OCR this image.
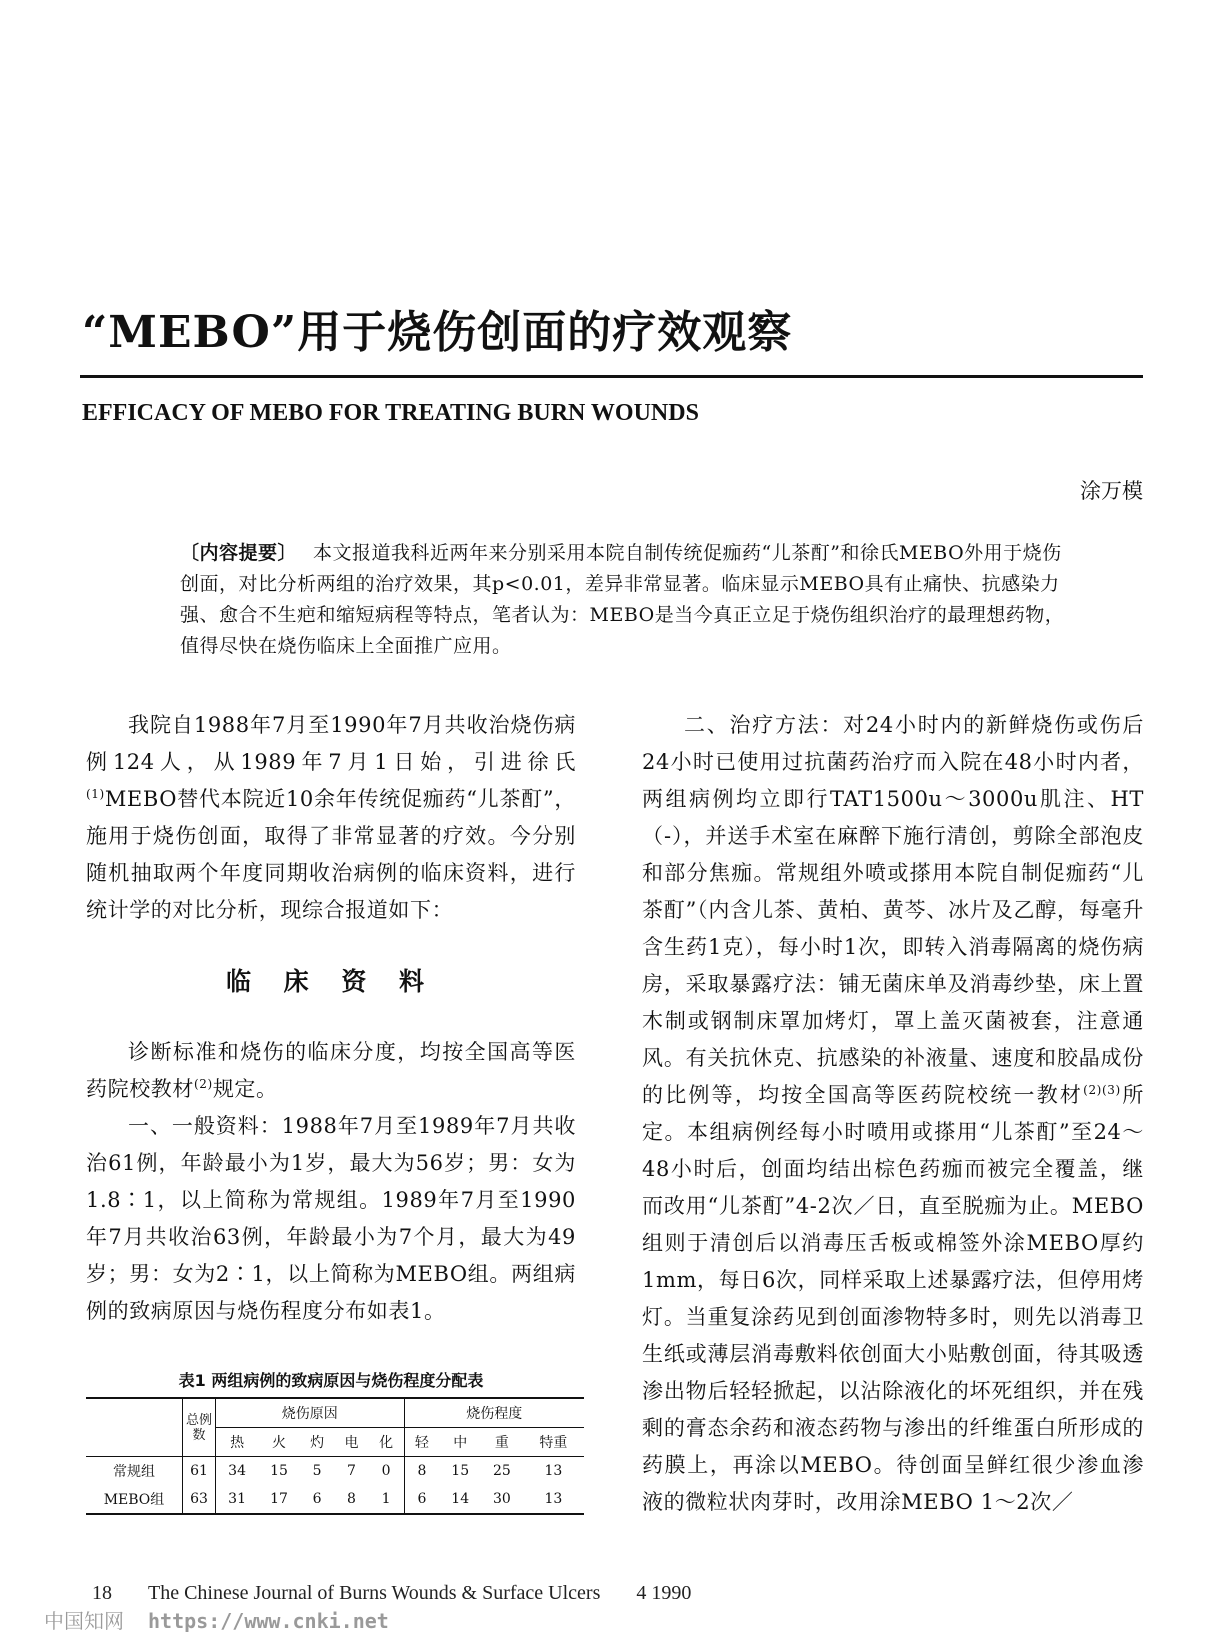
“MEBO”用于烧伤创面的疗效观察
EFFICACY OF MEBO FOR TREATING BURN WOUNDS
涂万模

〔内容提要〕 本文报道我科近两年来分别采用本院自制传统促痂药“儿茶酊”和徐氏MEBO外用于烧伤创面，对比分析两组的治疗效果，其p<0.01，差异非常显著。临床显示MEBO具有止痛快、抗感染力强、愈合不生疤和缩短病程等特点，笔者认为：MEBO是当今真正立足于烧伤组织治疗的最理想药物，值得尽快在烧伤临床上全面推广应用。

我院自1988年7月至1990年7月共收治烧伤病例124人，从1989年7月1日始，引进徐氏$^{(1)}$MEBO替代本院近10余年传统促痂药“儿茶酊”，施用于烧伤创面，取得了非常显著的疗效。今分别随机抽取两个年度同期收治病例的临床资料，进行统计学的对比分析，现综合报道如下：

临 床 资 料

诊断标准和烧伤的临床分度，均按全国高等医药院校教材$^{(2)}$规定。

一、一般资料：1988年7月至1989年7月共收治61例，年龄最小为1岁，最大为56岁；男：女为1.8∶1，以上简称为常规组。1989年7月至1990年7月共收治63例，年龄最小为7个月，最大为49岁；男：女为2∶1，以上简称为MEBO组。两组病例的致病原因与烧伤程度分布如表1。

表1 两组病例的致病原因与烧伤程度分配表
	总例数	烧伤原因					烧伤程度			
		热	火	灼	电	化	轻	中	重	特重
常规组	61	34	15	5	7	0	8	15	25	13
MEBO组	63	31	17	6	8	1	6	14	30	13

二、治疗方法：对24小时内的新鲜烧伤或伤后24小时已使用过抗菌药治疗而入院在48小时内者，两组病例均立即行TAT1500u～3000u肌注、HT（-），并送手术室在麻醉下施行清创，剪除全部泡皮和部分焦痂。常规组外喷或搽用本院自制促痂药“儿茶酊”（内含儿茶、黄柏、黄芩、冰片及乙醇，每毫升含生药1克），每小时1次，即转入消毒隔离的烧伤病房，采取暴露疗法：铺无菌床单及消毒纱垫，床上置木制或钢制床罩加烤灯，罩上盖灭菌被套，注意通风。有关抗休克、抗感染的补液量、速度和胶晶成份的比例等，均按全国高等医药院校统一教材$^{(2)(3)}$所定。本组病例经每小时喷用或搽用“儿茶酊”至24～48小时后，创面均结出棕色药痂而被完全覆盖，继而改用“儿茶酊”4-2次／日，直至脱痂为止。MEBO组则于清创后以消毒压舌板或棉签外涂MEBO厚约1mm，每日6次，同样采取上述暴露疗法，但停用烤灯。当重复涂药见到创面渗物特多时，则先以消毒卫生纸或薄层消毒敷料依创面大小贴敷创面，待其吸透渗出物后轻轻掀起，以沾除液化的坏死组织，并在残剩的膏态余药和液态药物与渗出的纤维蛋白所形成的药膜上，再涂以MEBO。待创面呈鲜红很少渗血渗液的微粒状肉芽时，改用涂MEBO 1～2次／

18 The Chinese Journal of Burns Wounds & Surface Ulcers 4 1990
中国知网 https://www.cnki.net
